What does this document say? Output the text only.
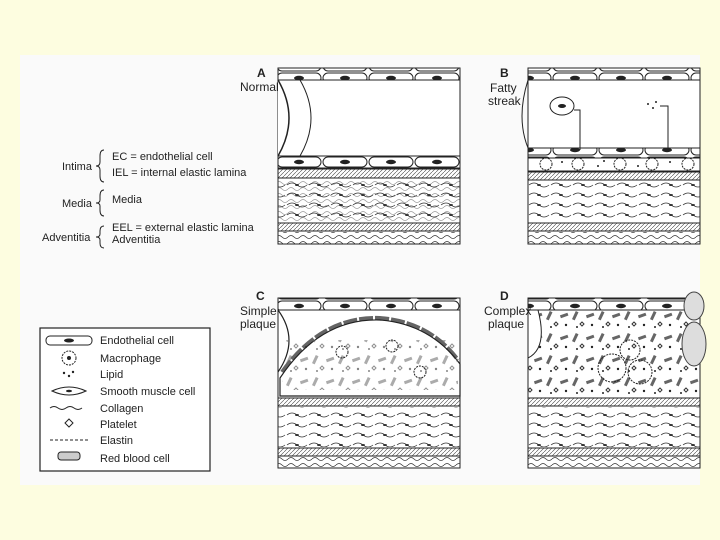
A
Normal
Intima
Media
Adventitia
EC = endothelial cell
IEL = internal elastic lamina
Media
EEL = external elastic lamina
Adventitia
B
Fatty
streak
C
Simple
plaque
D
Complex
plaque
Endothelial cell
Macrophage
Lipid
Smooth muscle cell
Collagen
Platelet
Elastin
Red blood cell
